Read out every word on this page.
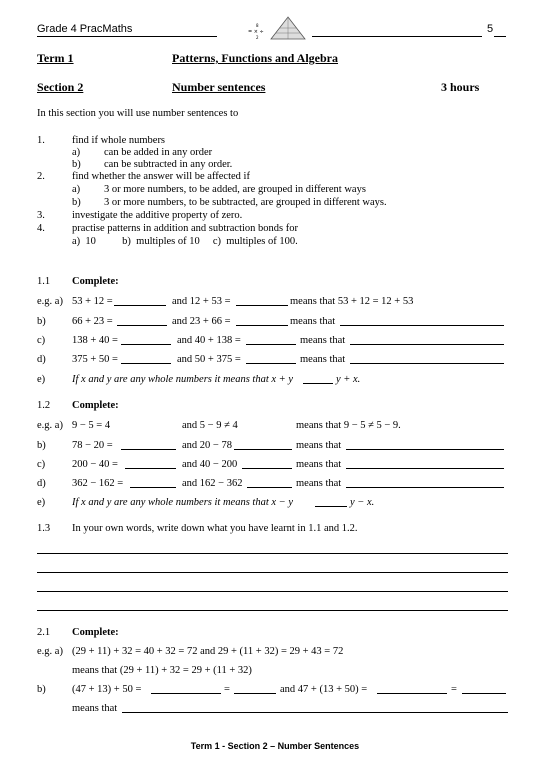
Grade 4 PracMaths	8
= × ÷
2
5
Term 1	Patterns, Functions and Algebra
Section 2	Number sentences	3 hours
In this section you will use number sentences to
1.	find if whole numbers
a) can be added in any order
b) can be subtracted in any order.
2.	find whether the answer will be affected if
a) 3 or more numbers, to be added, are grouped in different ways
b) 3 or more numbers, to be subtracted, are grouped in different ways.
3.	investigate the additive property of zero.
4.	practise patterns in addition and subtraction bonds for
a)  10          b)  multiples of 10     c)  multiples of 100.
1.1 Complete:
e.g. a) 53 + 12 =	and 12 + 53 =	means that 53 + 12 = 12 + 53
b)	66 + 23 =	and 23 + 66 =	means that
c)	138 + 40 =	and 40 + 138 =	means that
d)	375 + 50 =	and 50 + 375 =	means that
e)	If x and y are any whole numbers it means that x + y	y + x.
1.2 Complete:
e.g. a) 9 − 5 = 4	and 5 − 9 ≠ 4	means that 9 − 5 ≠ 5 − 9.
b)	78 − 20 =	and 20 − 78	means that
c)	200 − 40 =	and 40 − 200	means that
d)	362 − 162 =	and 162 − 362	means that
e)	If x and y are any whole numbers it means that x − y	y − x.
1.3 In your own words, write down what you have learnt in 1.1 and 1.2.
2.1 Complete:
e.g. a) (29 + 11) + 32 = 40 + 32 = 72 and 29 + (11 + 32) = 29 + 43 = 72
means that (29 + 11) + 32 = 29 + (11 + 32)
b)	(47 + 13) + 50 =	=	and 47 + (13 + 50) =	=
means that
Term 1 - Section 2 – Number Sentences
